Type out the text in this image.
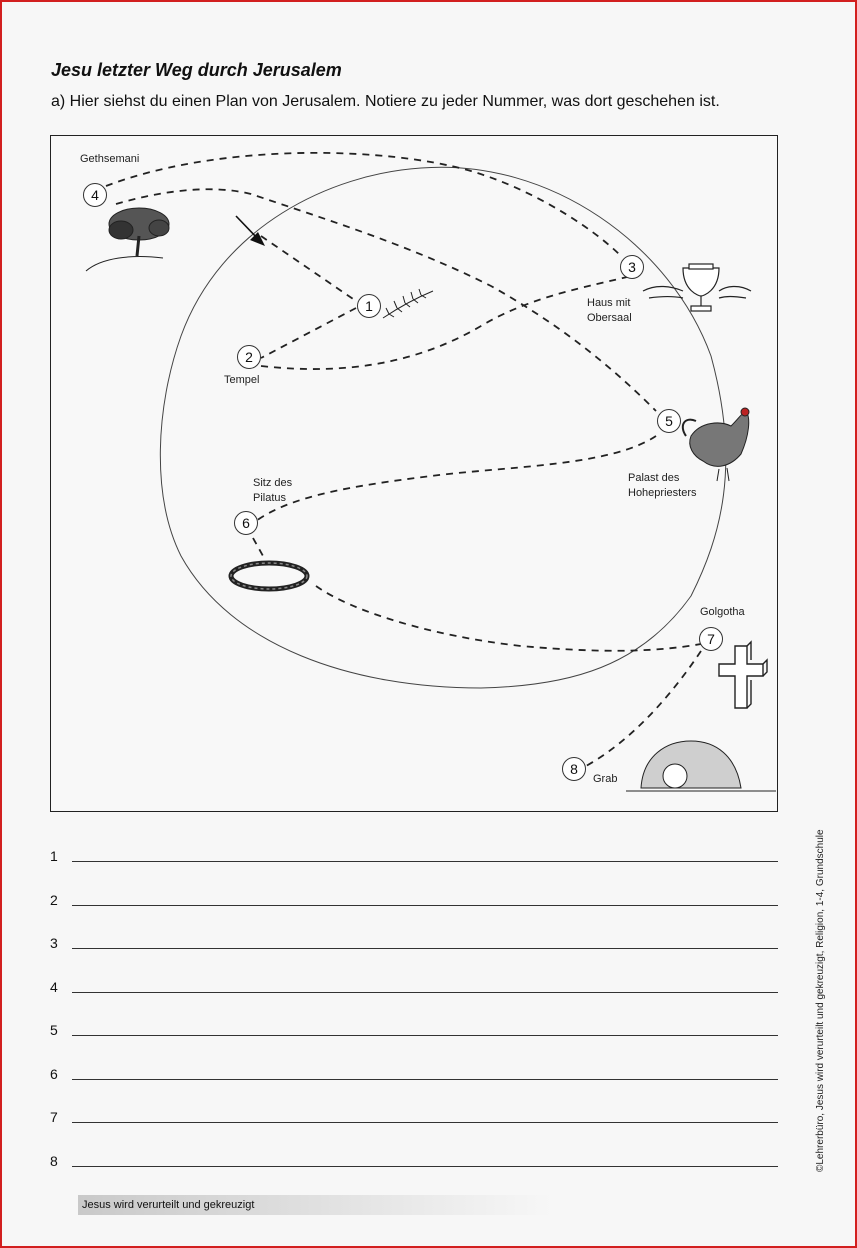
Jesu letzter Weg durch Jerusalem
a) Hier siehst du einen Plan von Jerusalem. Notiere zu jeder Nummer, was dort geschehen ist.
1
2
3
4
5
6
7
8
Tempel
Haus mit Obersaal
Gethsemani
Palast des Hohepriesters
Sitz des Pilatus
Golgotha
Grab
1
2
3
4
5
6
7
8
Jesus wird verurteilt und gekreuzigt
©Lehrerbüro, Jesus wird verurteilt und gekreuzigt, Religion, 1-4, Grundschule
